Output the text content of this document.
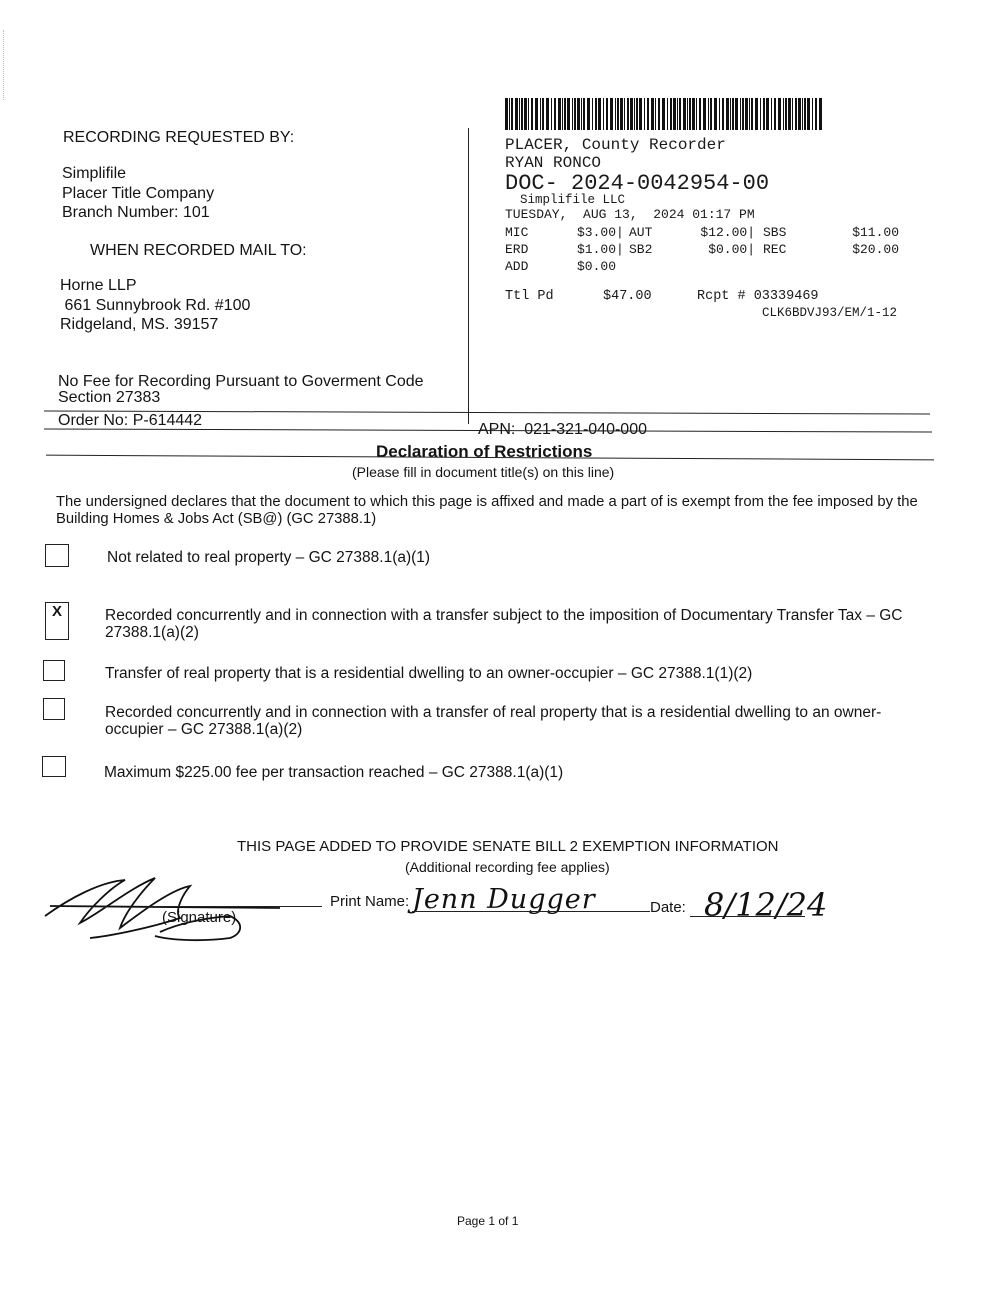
RECORDING REQUESTED BY:
Simplifile
Placer Title Company
Branch Number: 101
WHEN RECORDED MAIL TO:
Horne LLP
661 Sunnybrook Rd. #100
Ridgeland, MS. 39157
No Fee for Recording Pursuant to Goverment Code
Section 27383
Order No: P-614442
PLACER, County Recorder
RYAN RONCO
DOC- 2024-0042954-00
Simplifile LLC
TUESDAY,  AUG 13,  2024 01:17 PM
MIC	$3.00|	AUT	$12.00|	SBS	$11.00
ERD	$1.00|	SB2	$0.00|	REC	$20.00
ADD	$0.00				
Ttl Pd	$47.00	Rcpt # 03339469
CLK6BDVJ93/EM/1-12
APN:  021-321-040-000
Declaration of Restrictions
(Please fill in document title(s) on this line)
The undersigned declares that the document to which this page is affixed and made a part of is exempt from the fee imposed by the
Building Homes & Jobs Act (SB@) (GC 27388.1)
Not related to real property – GC 27388.1(a)(1)
X	Recorded concurrently and in connection with a transfer subject to the imposition of Documentary Transfer Tax – GC
27388.1(a)(2)
Transfer of real property that is a residential dwelling to an owner-occupier – GC 27388.1(1)(2)
Recorded concurrently and in connection with a transfer of real property that is a residential dwelling to an owner-
occupier – GC 27388.1(a)(2)
Maximum $225.00 fee per transaction reached – GC 27388.1(a)(1)
THIS PAGE ADDED TO PROVIDE SENATE BILL 2 EXEMPTION INFORMATION
(Additional recording fee applies)
(Signature)
Print Name: Jenn Dugger	Date: 8/12/24
Page 1 of 1
